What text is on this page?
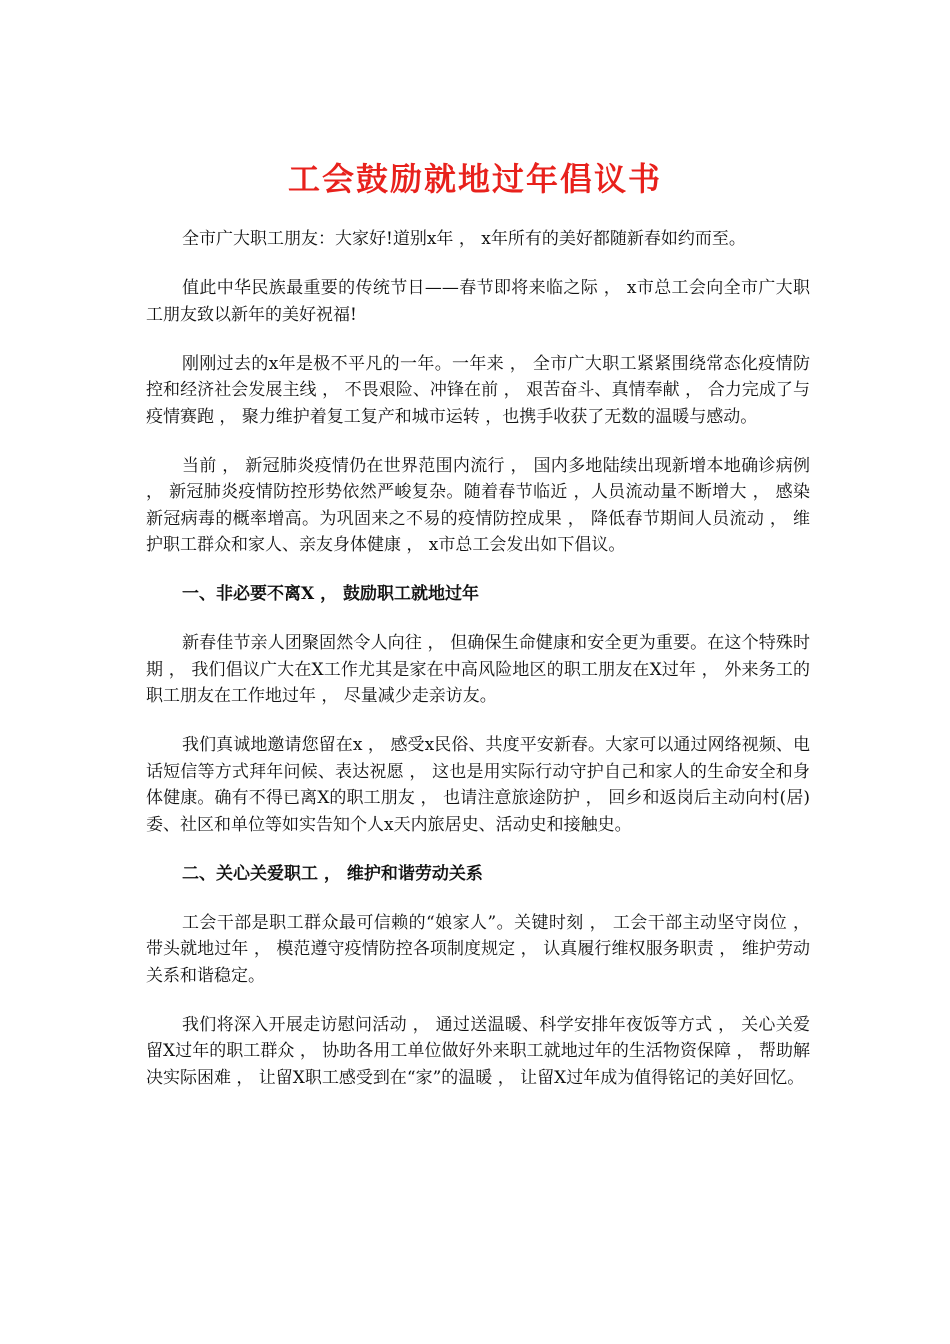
工会鼓励就地过年倡议书

全市广大职工朋友：大家好!道别x年 ， x年所有的美好都随新春如约而至。

值此中华民族最重要的传统节日——春节即将来临之际 ， x市总工会向全市广大职工朋友致以新年的美好祝福!

刚刚过去的x年是极不平凡的一年。一年来 ， 全市广大职工紧紧围绕常态化疫情防控和经济社会发展主线 ， 不畏艰险、冲锋在前 ， 艰苦奋斗、真情奉献 ， 合力完成了与疫情赛跑 ， 聚力维护着复工复产和城市运转 ，也携手收获了无数的温暖与感动。

当前 ， 新冠肺炎疫情仍在世界范围内流行 ， 国内多地陆续出现新增本地确诊病例 ， 新冠肺炎疫情防控形势依然严峻复杂。随着春节临近 ，人员流动量不断增大 ， 感染新冠病毒的概率增高。为巩固来之不易的疫情防控成果 ， 降低春节期间人员流动 ， 维护职工群众和家人、亲友身体健康 ， x市总工会发出如下倡议。

一、非必要不离X ， 鼓励职工就地过年

新春佳节亲人团聚固然令人向往 ， 但确保生命健康和安全更为重要。在这个特殊时期 ， 我们倡议广大在X工作尤其是家在中高风险地区的职工朋友在X过年 ， 外来务工的职工朋友在工作地过年 ， 尽量减少走亲访友。

我们真诚地邀请您留在x ， 感受x民俗、共度平安新春。大家可以通过网络视频、电话短信等方式拜年问候、表达祝愿 ， 这也是用实际行动守护自己和家人的生命安全和身体健康。确有不得已离X的职工朋友 ， 也请注意旅途防护 ， 回乡和返岗后主动向村(居)委、社区和单位等如实告知个人x天内旅居史、活动史和接触史。

二、关心关爱职工 ， 维护和谐劳动关系

工会干部是职工群众最可信赖的“娘家人”。关键时刻 ， 工会干部主动坚守岗位 ， 带头就地过年 ， 模范遵守疫情防控各项制度规定 ， 认真履行维权服务职责 ， 维护劳动关系和谐稳定。

我们将深入开展走访慰问活动 ， 通过送温暖、科学安排年夜饭等方式 ， 关心关爱留X过年的职工群众 ， 协助各用工单位做好外来职工就地过年的生活物资保障 ， 帮助解决实际困难 ， 让留X职工感受到在“家”的温暖 ， 让留X过年成为值得铭记的美好回忆。
